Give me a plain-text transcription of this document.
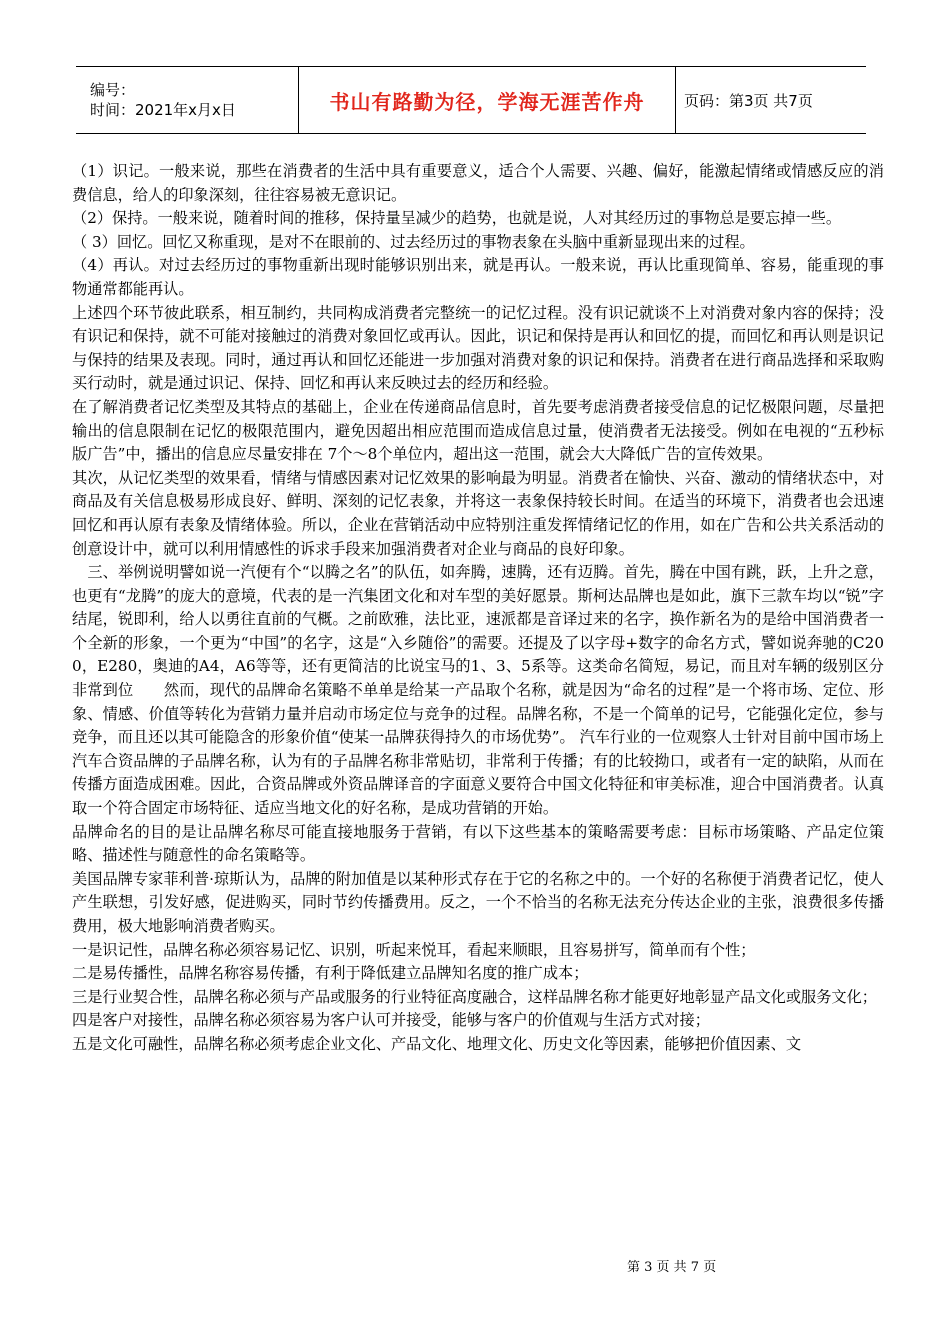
编号：
时间：2021年x月x日	书山有路勤为径，学海无涯苦作舟	页码：第3页 共7页

（1）识记。一般来说，那些在消费者的生活中具有重要意义，适合个人需要、兴趣、偏好，能激起情绪或情感反应的消费信息，给人的印象深刻，往往容易被无意识记。

（2）保持。一般来说，随着时间的推移，保持量呈减少的趋势，也就是说，人对其经历过的事物总是要忘掉一些。

（ 3）回忆。回忆又称重现，是对不在眼前的、过去经历过的事物表象在头脑中重新显现出来的过程。

（4）再认。对过去经历过的事物重新出现时能够识别出来，就是再认。一般来说，再认比重现简单、容易，能重现的事物通常都能再认。

上述四个环节彼此联系，相互制约，共同构成消费者完整统一的记忆过程。没有识记就谈不上对消费对象内容的保持；没有识记和保持，就不可能对接触过的消费对象回忆或再认。因此，识记和保持是再认和回忆的提，而回忆和再认则是识记与保持的结果及表现。同时，通过再认和回忆还能进一步加强对消费对象的识记和保持。消费者在进行商品选择和采取购买行动时，就是通过识记、保持、回忆和再认来反映过去的经历和经验。

在了解消费者记忆类型及其特点的基础上，企业在传递商品信息时，首先要考虑消费者接受信息的记忆极限问题，尽量把输出的信息限制在记忆的极限范围内，避免因超出相应范围而造成信息过量，使消费者无法接受。例如在电视的“五秒标版广告”中，播出的信息应尽量安排在 7个～8个单位内，超出这一范围，就会大大降低广告的宣传效果。

其次，从记忆类型的效果看，情绪与情感因素对记忆效果的影响最为明显。消费者在愉快、兴奋、激动的情绪状态中，对商品及有关信息极易形成良好、鲜明、深刻的记忆表象，并将这一表象保持较长时间。在适当的环境下，消费者也会迅速回忆和再认原有表象及情绪体验。所以，企业在营销活动中应特别注重发挥情绪记忆的作用，如在广告和公共关系活动的创意设计中，就可以利用情感性的诉求手段来加强消费者对企业与商品的良好印象。

　三、举例说明譬如说一汽便有个“以腾之名”的队伍，如奔腾，速腾，还有迈腾。首先，腾在中国有跳，跃，上升之意，也更有“龙腾”的庞大的意境，代表的是一汽集团文化和对车型的美好愿景。斯柯达品牌也是如此，旗下三款车均以“锐”字结尾，锐即利，给人以勇往直前的气概。之前欧雅，法比亚，速派都是音译过来的名字，换作新名为的是给中国消费者一个全新的形象，一个更为“中国”的名字，这是“入乡随俗”的需要。还提及了以字母+数字的命名方式，譬如说奔驰的C200，E280，奥迪的A4，A6等等，还有更简洁的比说宝马的1、3、5系等。这类命名简短，易记，而且对车辆的级别区分非常到位　　然而，现代的品牌命名策略不单单是给某一产品取个名称，就是因为“命名的过程”是一个将市场、定位、形象、情感、价值等转化为营销力量并启动市场定位与竞争的过程。品牌名称，不是一个简单的记号，它能强化定位，参与竞争，而且还以其可能隐含的形象价值“使某一品牌获得持久的市场优势”。 汽车行业的一位观察人士针对目前中国市场上汽车合资品牌的子品牌名称，认为有的子品牌名称非常贴切，非常利于传播；有的比较拗口，或者有一定的缺陷，从而在传播方面造成困难。因此，合资品牌或外资品牌译音的字面意义要符合中国文化特征和审美标准，迎合中国消费者。认真取一个符合固定市场特征、适应当地文化的好名称，是成功营销的开始。

品牌命名的目的是让品牌名称尽可能直接地服务于营销，有以下这些基本的策略需要考虑：目标市场策略、产品定位策略、描述性与随意性的命名策略等。

美国品牌专家菲利普·琼斯认为，品牌的附加值是以某种形式存在于它的名称之中的。一个好的名称便于消费者记忆，使人产生联想，引发好感，促进购买，同时节约传播费用。反之，一个不恰当的名称无法充分传达企业的主张，浪费很多传播费用，极大地影响消费者购买。

一是识记性，品牌名称必须容易记忆、识别，听起来悦耳，看起来顺眼，且容易拼写，简单而有个性；

二是易传播性，品牌名称容易传播，有利于降低建立品牌知名度的推广成本；

三是行业契合性，品牌名称必须与产品或服务的行业特征高度融合，这样品牌名称才能更好地彰显产品文化或服务文化；

四是客户对接性，品牌名称必须容易为客户认可并接受，能够与客户的价值观与生活方式对接；

五是文化可融性，品牌名称必须考虑企业文化、产品文化、地理文化、历史文化等因素，能够把价值因素、文

第 3 页 共 7 页
